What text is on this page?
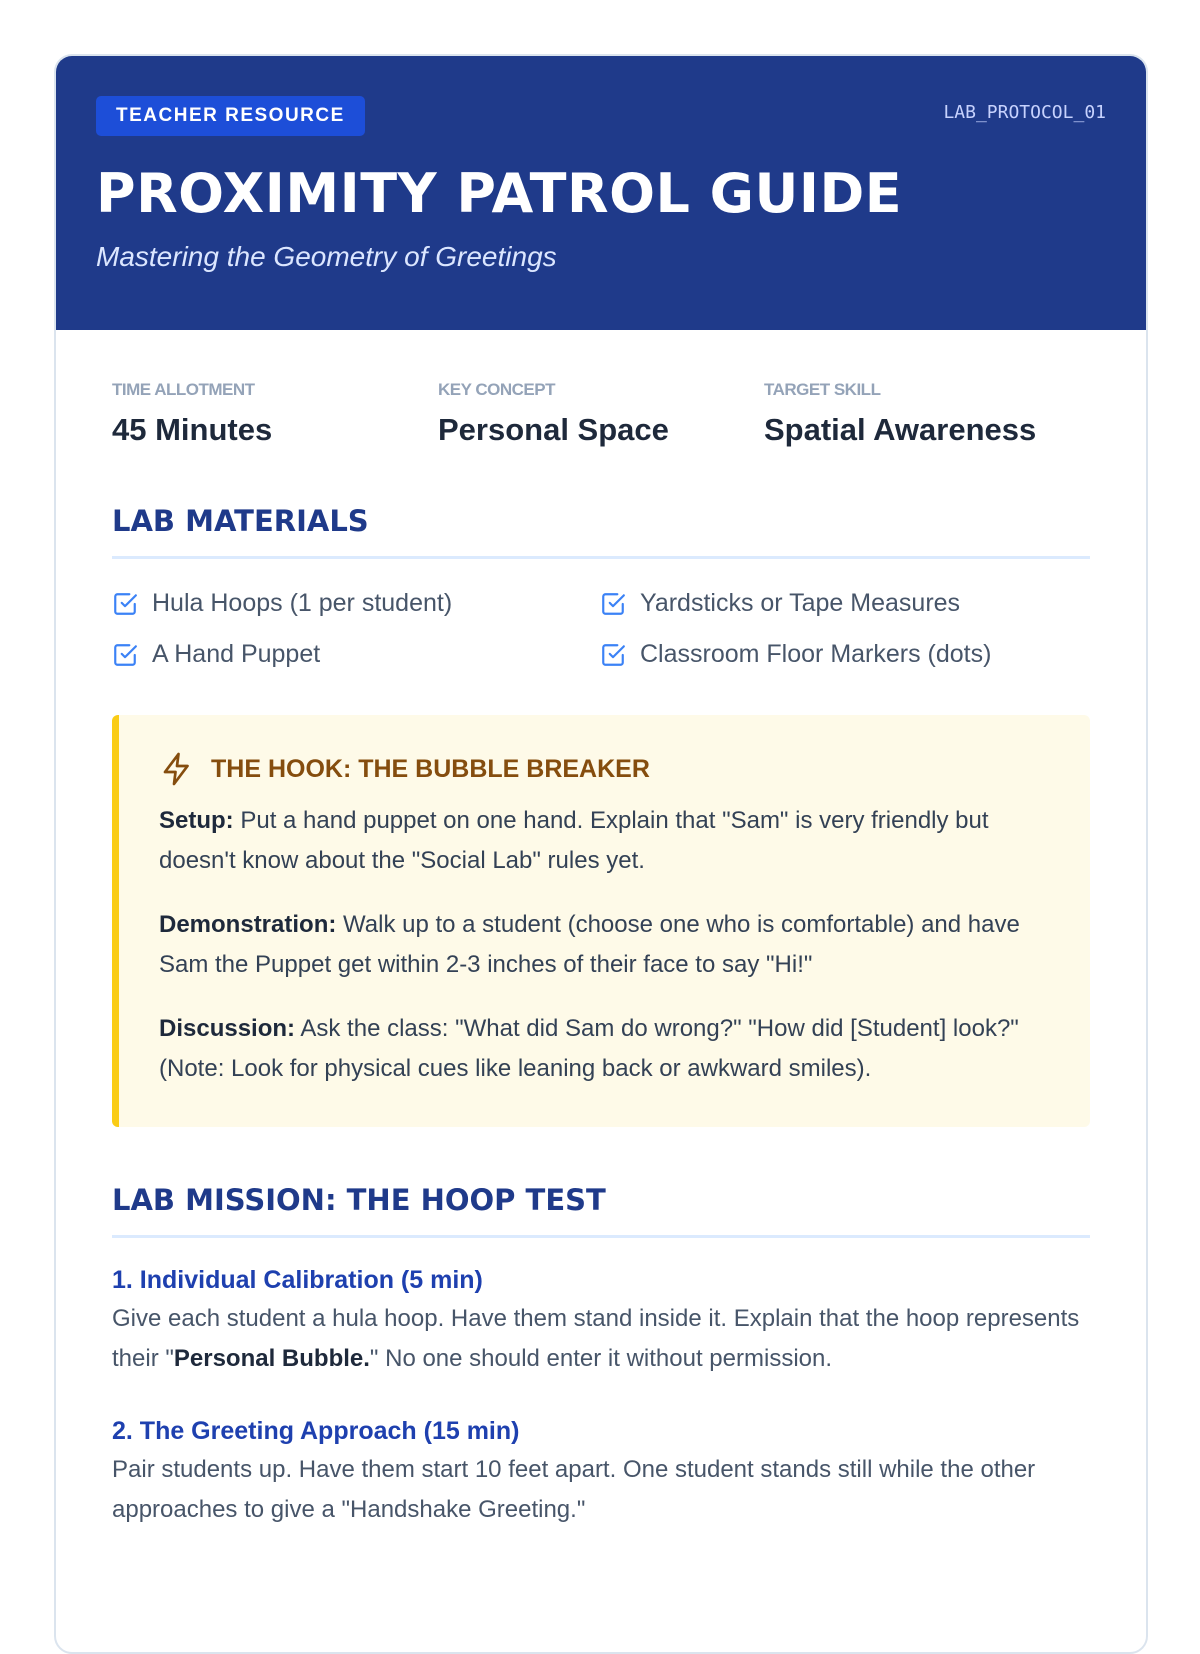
TEACHER RESOURCE	LAB_PROTOCOL_01
PROXIMITY PATROL GUIDE
Mastering the Geometry of Greetings
TIME ALLOTMENT
45 Minutes
KEY CONCEPT
Personal Space
TARGET SKILL
Spatial Awareness
LAB MATERIALS
Hula Hoops (1 per student)	Yardsticks or Tape Measures
A Hand Puppet	Classroom Floor Markers (dots)
THE HOOK: THE BUBBLE BREAKER

Setup: Put a hand puppet on one hand. Explain that "Sam" is very friendly but doesn't know about the "Social Lab" rules yet.

Demonstration: Walk up to a student (choose one who is comfortable) and have Sam the Puppet get within 2-3 inches of their face to say "Hi!"

Discussion: Ask the class: "What did Sam do wrong?" "How did [Student] look?" (Note: Look for physical cues like leaning back or awkward smiles).

LAB MISSION: THE HOOP TEST
1. Individual Calibration (5 min)
Give each student a hula hoop. Have them stand inside it. Explain that the hoop represents their "Personal Bubble." No one should enter it without permission.
2. The Greeting Approach (15 min)
Pair students up. Have them start 10 feet apart. One student stands still while the other approaches to give a "Handshake Greeting."
